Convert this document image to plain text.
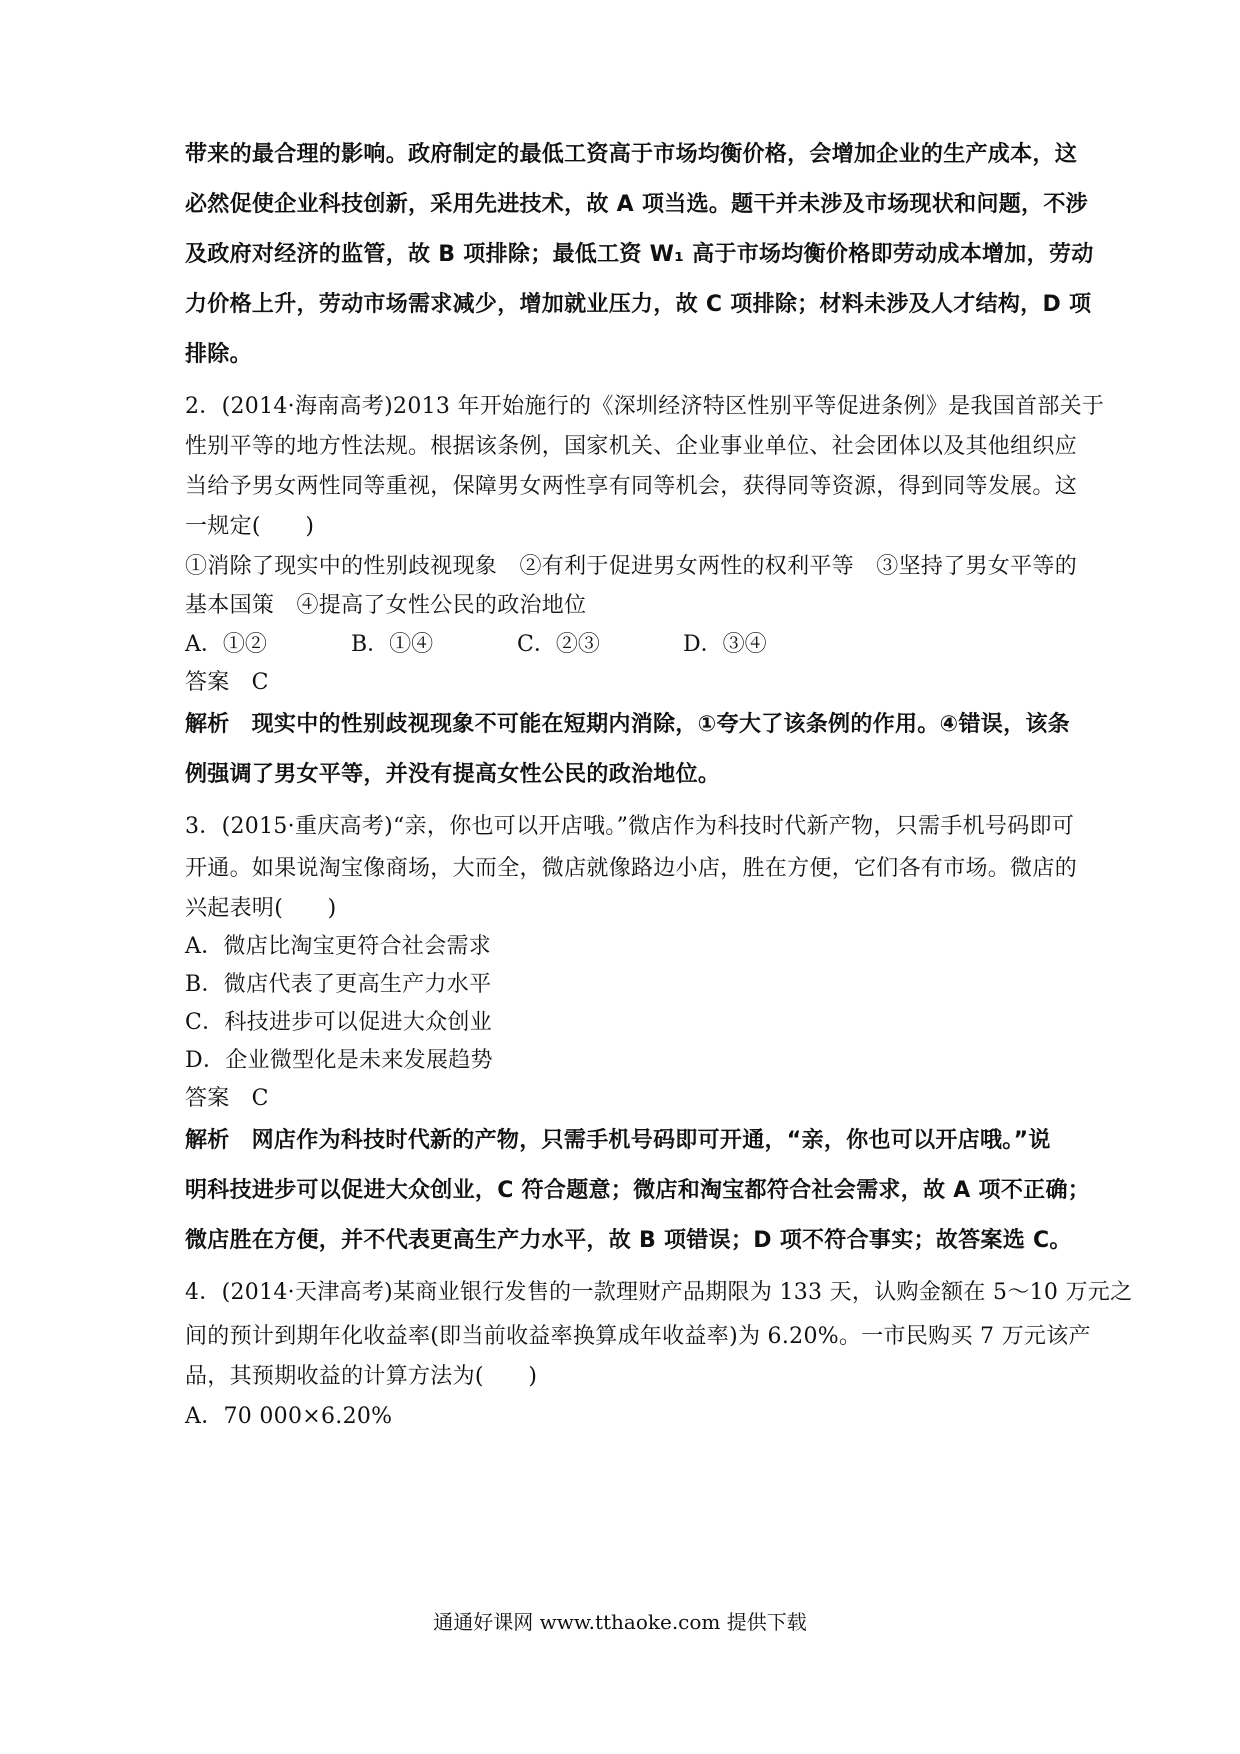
带来的最合理的影响。政府制定的最低工资高于市场均衡价格，会增加企业的生产成本，这
必然促使企业科技创新，采用先进技术，故 A 项当选。题干并未涉及市场现状和问题，不涉
及政府对经济的监管，故 B 项排除；最低工资 W₁ 高于市场均衡价格即劳动成本增加，劳动
力价格上升，劳动市场需求减少，增加就业压力，故 C 项排除；材料未涉及人才结构，D 项
排除。
2．(2014·海南高考)2013 年开始施行的《深圳经济特区性别平等促进条例》是我国首部关于
性别平等的地方性法规。根据该条例，国家机关、企业事业单位、社会团体以及其他组织应
当给予男女两性同等重视，保障男女两性享有同等机会，获得同等资源，得到同等发展。这
一规定(　　)
①消除了现实中的性别歧视现象　②有利于促进男女两性的权利平等　③坚持了男女平等的
基本国策　④提高了女性公民的政治地位
A．①②	B．①④	C．②③	D．③④
答案 C
解析 现实中的性别歧视现象不可能在短期内消除，①夸大了该条例的作用。④错误，该条
例强调了男女平等，并没有提高女性公民的政治地位。
3．(2015·重庆高考)“亲，你也可以开店哦。”微店作为科技时代新产物，只需手机号码即可
开通。如果说淘宝像商场，大而全，微店就像路边小店，胜在方便，它们各有市场。微店的
兴起表明(　　)
A．微店比淘宝更符合社会需求
B．微店代表了更高生产力水平
C．科技进步可以促进大众创业
D．企业微型化是未来发展趋势
答案 C
解析 网店作为科技时代新的产物，只需手机号码即可开通，“亲，你也可以开店哦。”说
明科技进步可以促进大众创业，C 符合题意；微店和淘宝都符合社会需求，故 A 项不正确；
微店胜在方便，并不代表更高生产力水平，故 B 项错误；D 项不符合事实；故答案选 C。
4．(2014·天津高考)某商业银行发售的一款理财产品期限为 133 天，认购金额在 5～10 万元之
间的预计到期年化收益率(即当前收益率换算成年收益率)为 6.20%。一市民购买 7 万元该产
品，其预期收益的计算方法为(　　)
A．70 000×6.20%
通通好课网 www.tthaoke.com 提供下载
